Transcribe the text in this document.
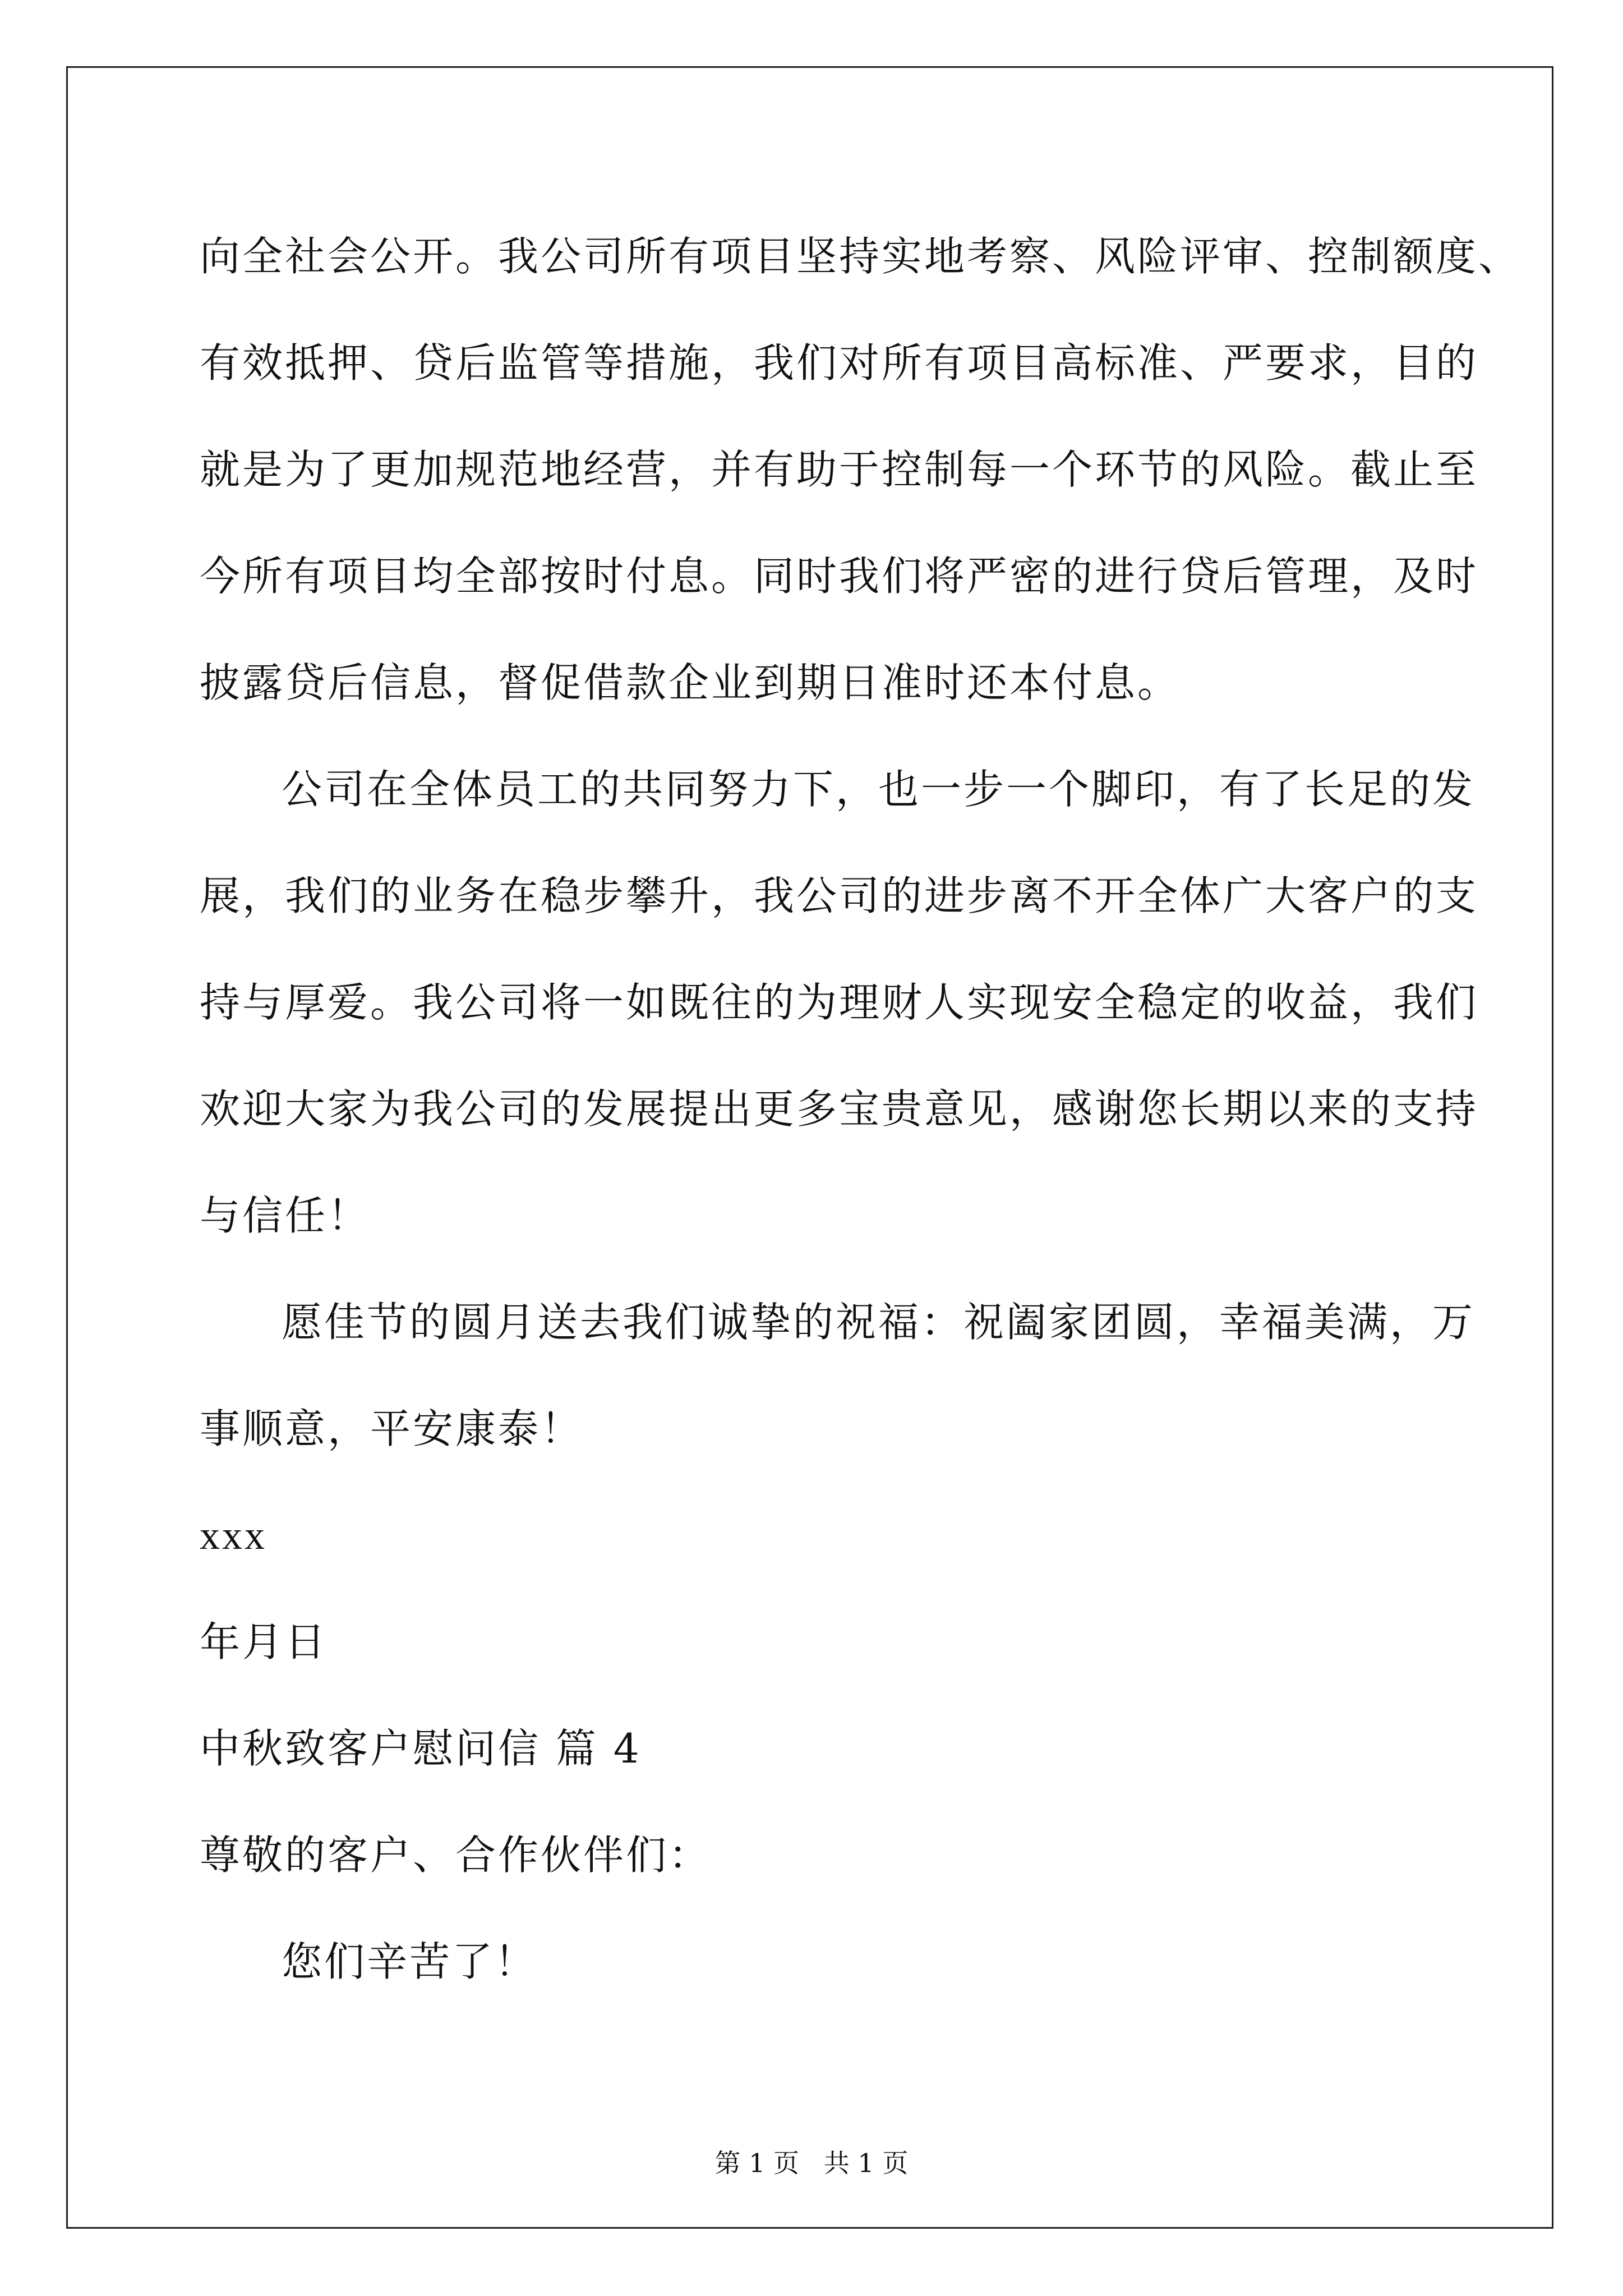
向全社会公开。我公司所有项目坚持实地考察、风险评审、控制额度、
有效抵押、贷后监管等措施，我们对所有项目高标准、严要求，目的
就是为了更加规范地经营，并有助于控制每一个环节的风险。截止至
今所有项目均全部按时付息。同时我们将严密的进行贷后管理，及时
披露贷后信息，督促借款企业到期日准时还本付息。
公司在全体员工的共同努力下，也一步一个脚印，有了长足的发
展，我们的业务在稳步攀升，我公司的进步离不开全体广大客户的支
持与厚爱。我公司将一如既往的为理财人实现安全稳定的收益，我们
欢迎大家为我公司的发展提出更多宝贵意见，感谢您长期以来的支持
与信任！
愿佳节的圆月送去我们诚挚的祝福：祝阖家团圆，幸福美满，万
事顺意，平安康泰！
xxx
年月日
中秋致客户慰问信 篇 4
尊敬的客户、合作伙伴们：
您们辛苦了！
第 1 页   共 1 页
